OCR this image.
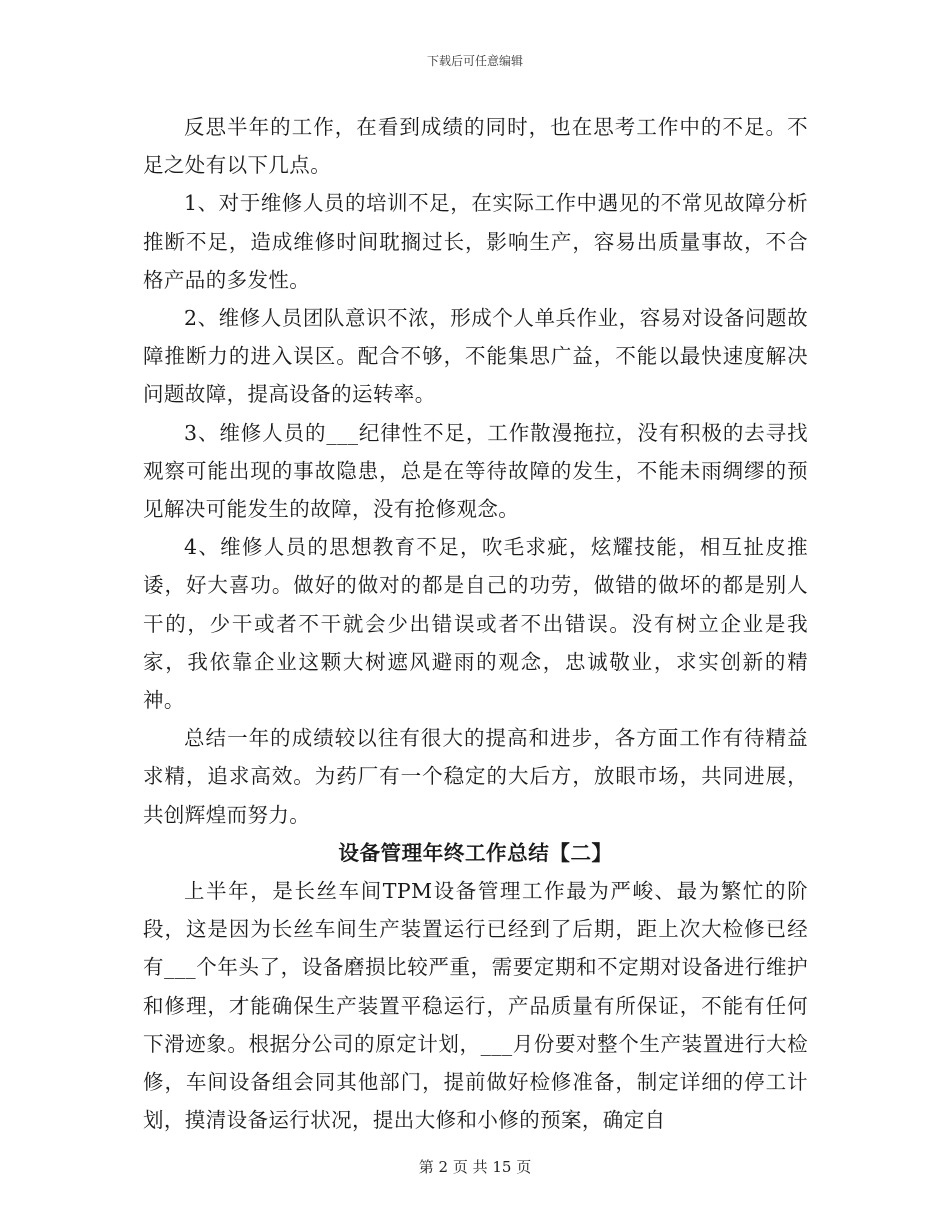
下载后可任意编辑

反思半年的工作，在看到成绩的同时，也在思考工作中的不足。不足之处有以下几点。

1、对于维修人员的培训不足，在实际工作中遇见的不常见故障分析推断不足，造成维修时间耽搁过长，影响生产，容易出质量事故，不合格产品的多发性。

2、维修人员团队意识不浓，形成个人单兵作业，容易对设备问题故障推断力的进入误区。配合不够，不能集思广益，不能以最快速度解决问题故障，提高设备的运转率。

3、维修人员的___纪律性不足，工作散漫拖拉，没有积极的去寻找观察可能出现的事故隐患，总是在等待故障的发生，不能未雨绸缪的预见解决可能发生的故障，没有抢修观念。

4、维修人员的思想教育不足，吹毛求疵，炫耀技能，相互扯皮推诿，好大喜功。做好的做对的都是自己的功劳，做错的做坏的都是别人干的，少干或者不干就会少出错误或者不出错误。没有树立企业是我家，我依靠企业这颗大树遮风避雨的观念，忠诚敬业，求实创新的精神。

总结一年的成绩较以往有很大的提高和进步，各方面工作有待精益求精，追求高效。为药厂有一个稳定的大后方，放眼市场，共同进展，共创辉煌而努力。

设备管理年终工作总结【二】

上半年，是长丝车间TPM设备管理工作最为严峻、最为繁忙的阶段，这是因为长丝车间生产装置运行已经到了后期，距上次大检修已经有___个年头了，设备磨损比较严重，需要定期和不定期对设备进行维护和修理，才能确保生产装置平稳运行，产品质量有所保证，不能有任何下滑迹象。根据分公司的原定计划，___月份要对整个生产装置进行大检修，车间设备组会同其他部门，提前做好检修准备，制定详细的停工计划，摸清设备运行状况，提出大修和小修的预案，确定自

第 2 页 共 15 页
